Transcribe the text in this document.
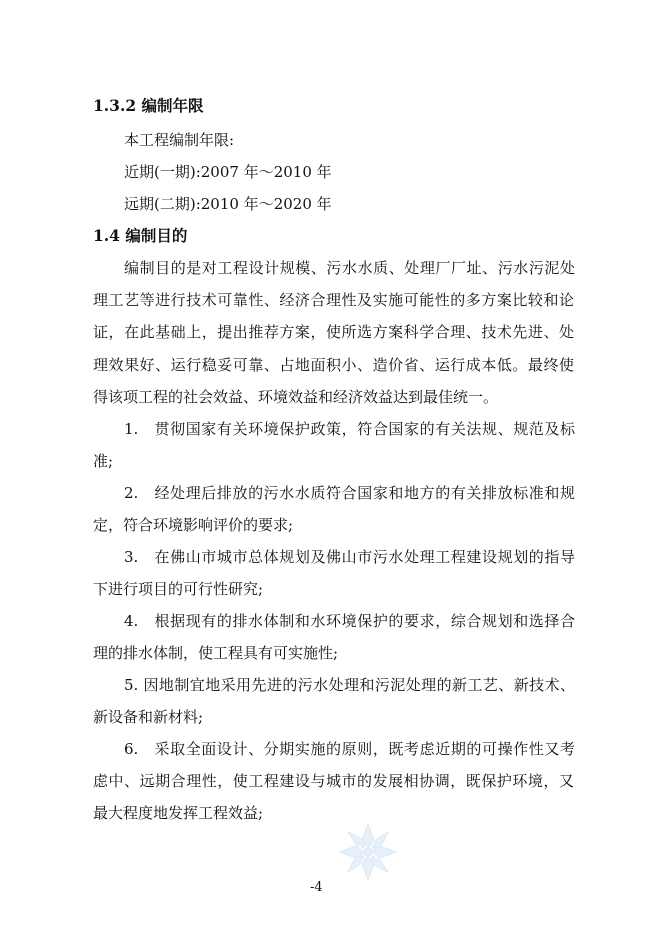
1.3.2 编制年限
本工程编制年限:
近期(一期):2007 年～2010 年
远期(二期):2010 年～2020 年
1.4 编制目的
编制目的是对工程设计规模、污水水质、处理厂厂址、污水污泥处
理工艺等进行技术可靠性、经济合理性及实施可能性的多方案比较和论
证，在此基础上，提出推荐方案，使所选方案科学合理、技术先进、处
理效果好、运行稳妥可靠、占地面积小、造价省、运行成本低。最终使
得该项工程的社会效益、环境效益和经济效益达到最佳统一。
1.　贯彻国家有关环境保护政策，符合国家的有关法规、规范及标
准;
2.　经处理后排放的污水水质符合国家和地方的有关排放标准和规
定，符合环境影响评价的要求;
3.　在佛山市城市总体规划及佛山市污水处理工程建设规划的指导
下进行项目的可行性研究;
4.　根据现有的排水体制和水环境保护的要求，综合规划和选择合
理的排水体制，使工程具有可实施性;
5. 因地制宜地采用先进的污水处理和污泥处理的新工艺、新技术、
新设备和新材料;
6.　采取全面设计、分期实施的原则，既考虑近期的可操作性又考
虑中、远期合理性，使工程建设与城市的发展相协调，既保护环境，又
最大程度地发挥工程效益;
-4
